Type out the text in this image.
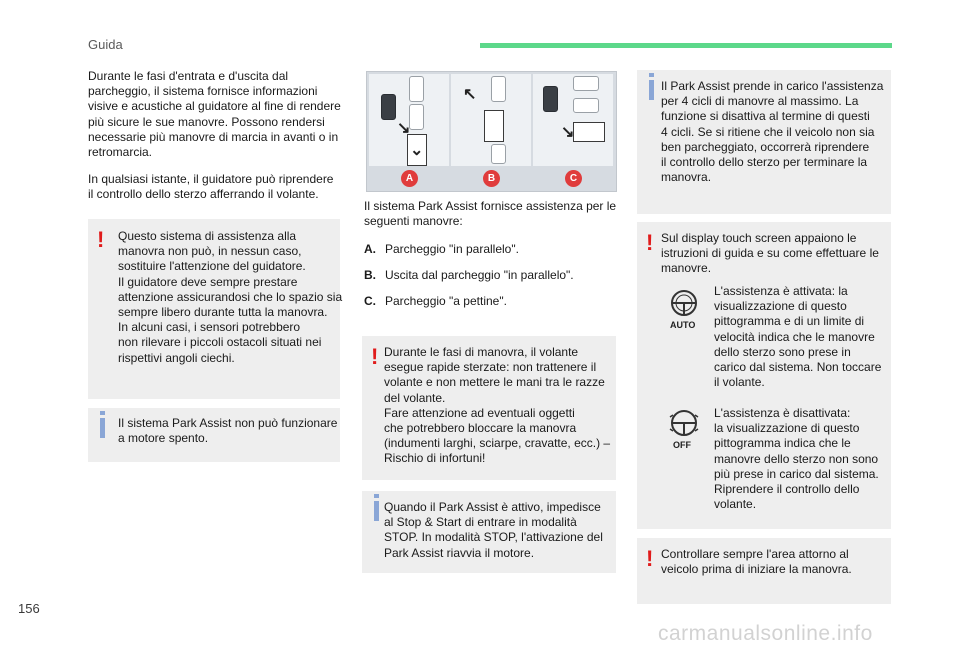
Guida

Durante le fasi d'entrata e d'uscita dal
parcheggio, il sistema fornisce informazioni
visive e acustiche al guidatore al fine di rendere
più sicure le sue manovre. Possono rendersi
necessarie più manovre di marcia in avanti o in
retromarcia.

In qualsiasi istante, il guidatore può riprendere
il controllo dello sterzo afferrando il volante.

! Questo sistema di assistenza alla
manovra non può, in nessun caso,
sostituire l'attenzione del guidatore.
Il guidatore deve sempre prestare
attenzione assicurandosi che lo spazio sia
sempre libero durante tutta la manovra.
In alcuni casi, i sensori potrebbero
non rilevare i piccoli ostacoli situati nei
rispettivi angoli ciechi.
Il sistema Park Assist non può funzionare
a motore spento.
↘
⌄
↖
↘
A	B	C

Il sistema Park Assist fornisce assistenza per le
seguenti manovre:

A. Parcheggio "in parallelo".
B. Uscita dal parcheggio "in parallelo".
C. Parcheggio "a pettine".
! Durante le fasi di manovra, il volante
esegue rapide sterzate: non trattenere il
volante e non mettere le mani tra le razze
del volante.
Fare attenzione ad eventuali oggetti
che potrebbero bloccare la manovra
(indumenti larghi, sciarpe, cravatte, ecc.) –
Rischio di infortuni!
Quando il Park Assist è attivo, impedisce
al Stop & Start di entrare in modalità
STOP. In modalità STOP, l'attivazione del
Park Assist riavvia il motore.
Il Park Assist prende in carico l'assistenza
per 4 cicli di manovre al massimo. La
funzione si disattiva al termine di questi
4 cicli. Se si ritiene che il veicolo non sia
ben parcheggiato, occorrerà riprendere
il controllo dello sterzo per terminare la
manovra.
! Sul display touch screen appaiono le
istruzioni di guida e su come effettuare le
manovre.
AUTO
L'assistenza è attivata: la
visualizzazione di questo
pittogramma e di un limite di
velocità indica che le manovre
dello sterzo sono prese in
carico dal sistema. Non toccare
il volante.
OFF
L'assistenza è disattivata:
la visualizzazione di questo
pittogramma indica che le
manovre dello sterzo non sono
più prese in carico dal sistema.
Riprendere il controllo dello
volante.
! Controllare sempre l'area attorno al
veicolo prima di iniziare la manovra.
156
carmanualsonline.info
